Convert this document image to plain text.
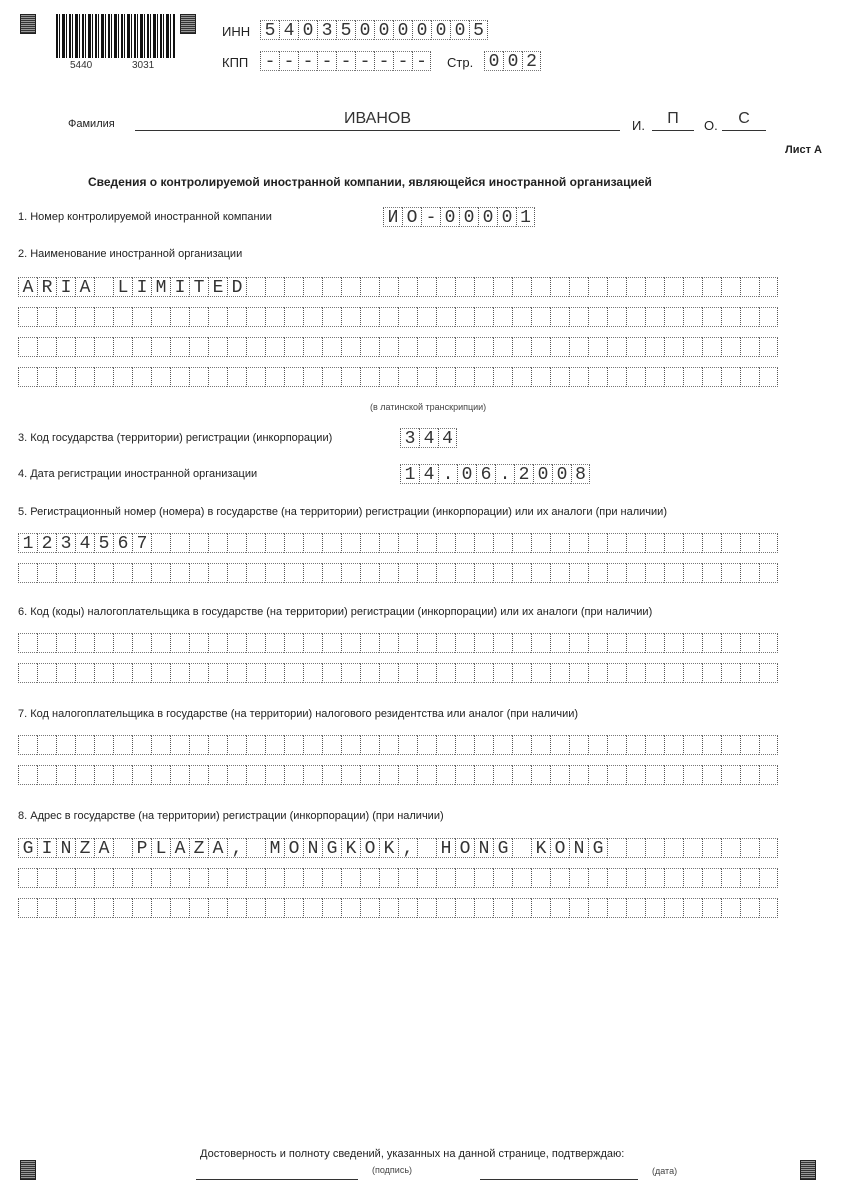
5440	3031
ИНН 5 4 0 3 5 0 0 0 0 0 0 5
КПП - - - - - - - - -	Стр. 0 0 2
Фамилия	ИВАНОВ	И.	П	О.	С
Лист А
Сведения о контролируемой иностранной компании, являющейся иностранной организацией
1. Номер контролируемой иностранной компании	И О - 0 0 0 0 1
2. Наименование иностранной организации
A R I A L I M I T E D
(в латинской транскрипции)
3. Код государства (территории) регистрации (инкорпорации)	3 4 4
4. Дата регистрации иностранной организации	1 4 . 0 6 . 2 0 0 8
5. Регистрационный номер (номера) в государстве (на территории) регистрации (инкорпорации) или их аналоги (при наличии)
1 2 3 4 5 6 7
6. Код (коды) налогоплательщика в государстве (на территории) регистрации (инкорпорации) или их аналоги (при наличии)
7. Код налогоплательщика в государстве (на территории) налогового резидентства или аналог (при наличии)
8. Адрес в государстве (на территории) регистрации (инкорпорации) (при наличии)
G I N Z A P L A Z A , M O N G K O K , H O N G K O N G
Достоверность и полноту сведений, указанных на данной странице, подтверждаю:
(подпись)	(дата)
